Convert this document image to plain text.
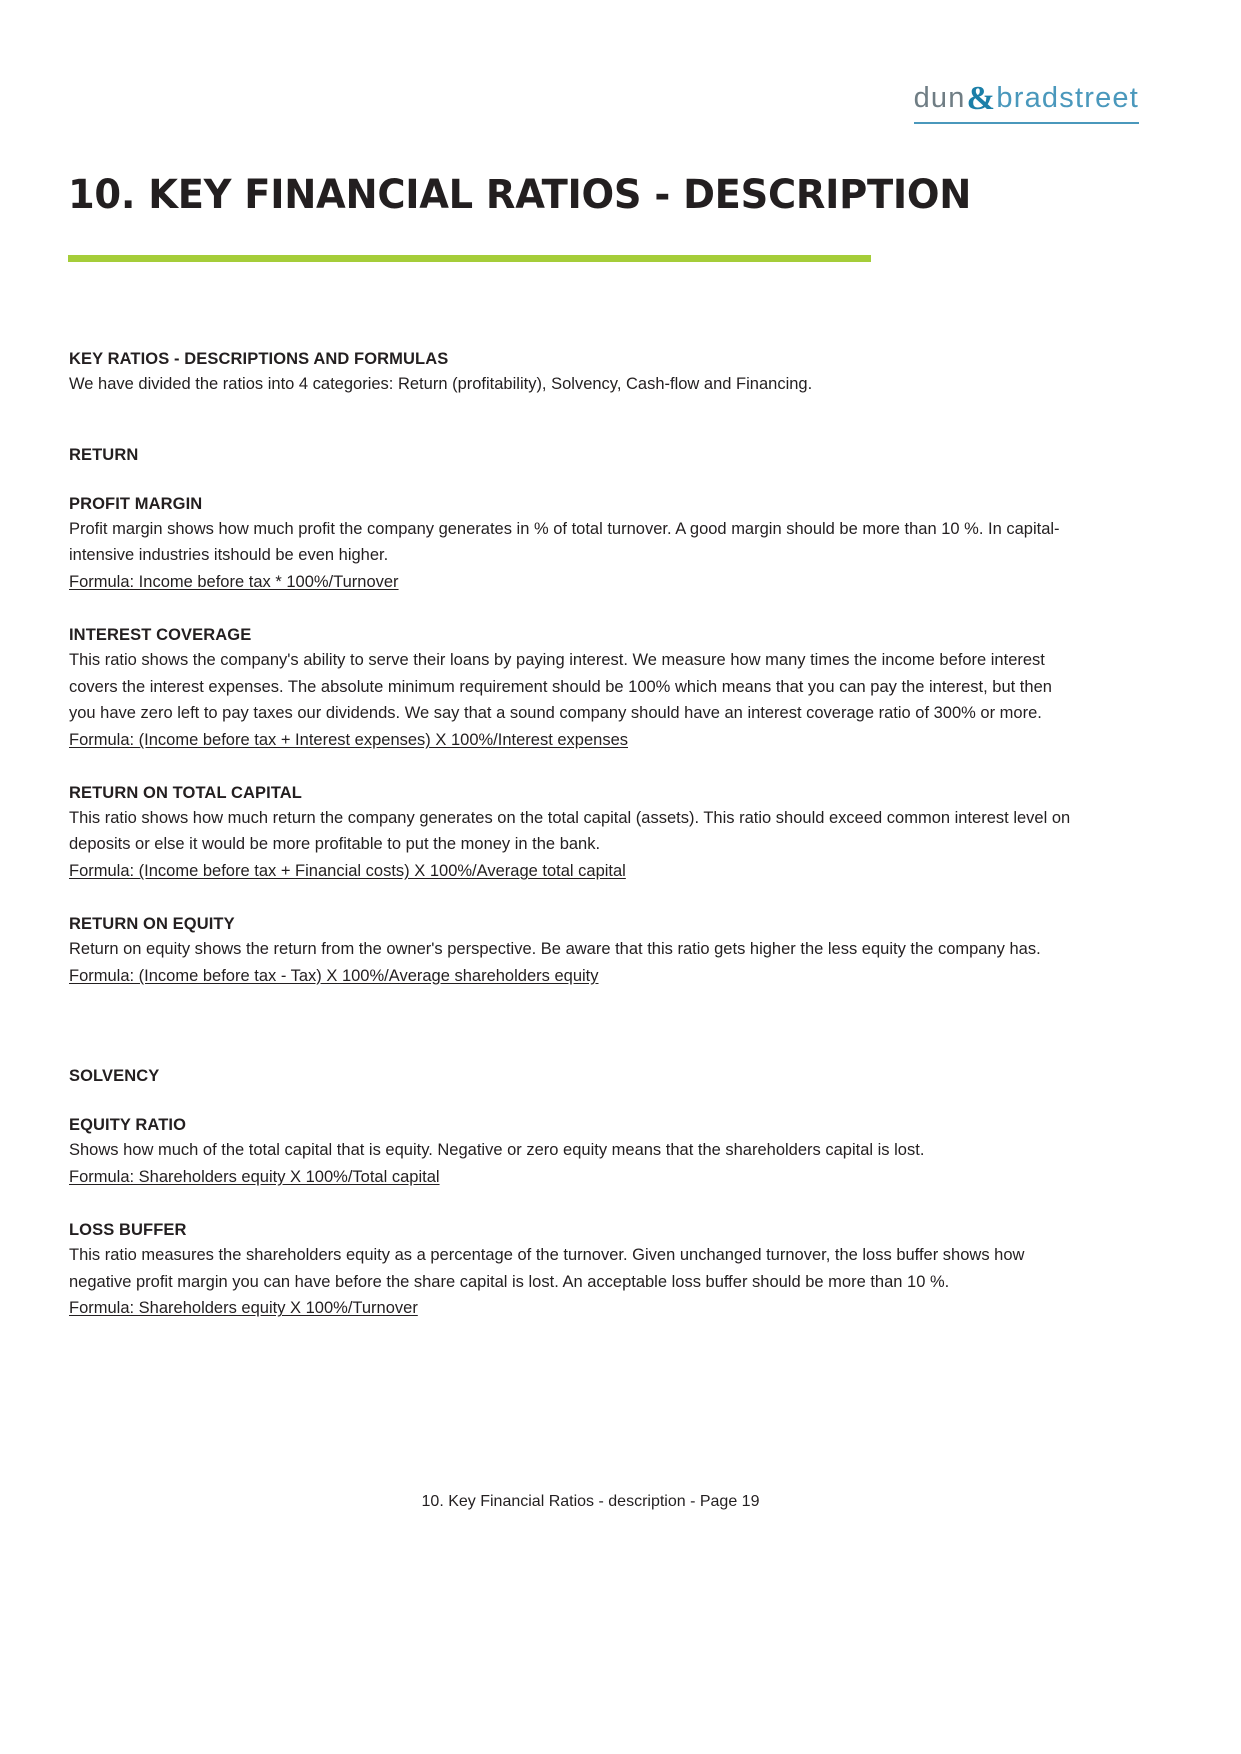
dun & bradstreet
10. KEY FINANCIAL RATIOS - DESCRIPTION
KEY RATIOS - DESCRIPTIONS AND FORMULAS

We have divided the ratios into 4 categories: Return (profitability), Solvency, Cash-flow and Financing.

RETURN
PROFIT MARGIN

Profit margin shows how much profit the company generates in % of total turnover. A good margin should be more than 10 %. In capital-intensive industries itshould be even higher.

Formula: Income before tax * 100%/Turnover

INTEREST COVERAGE

This ratio shows the company's ability to serve their loans by paying interest. We measure how many times the income before interest covers the interest expenses. The absolute minimum requirement should be 100% which means that you can pay the interest, but then you have zero left to pay taxes our dividends. We say that a sound company should have an interest coverage ratio of 300% or more.

Formula: (Income before tax + Interest expenses) X 100%/Interest expenses

RETURN ON TOTAL CAPITAL

This ratio shows how much return the company generates on the total capital (assets). This ratio should exceed common interest level on deposits or else it would be more profitable to put the money in the bank.

Formula: (Income before tax + Financial costs) X 100%/Average total capital

RETURN ON EQUITY

Return on equity shows the return from the owner's perspective. Be aware that this ratio gets higher the less equity the company has.

Formula: (Income before tax - Tax) X 100%/Average shareholders equity

SOLVENCY
EQUITY RATIO

Shows how much of the total capital that is equity. Negative or zero equity means that the shareholders capital is lost.

Formula: Shareholders equity X 100%/Total capital

LOSS BUFFER

This ratio measures the shareholders equity as a percentage of the turnover. Given unchanged turnover, the loss buffer shows how negative profit margin you can have before the share capital is lost. An acceptable loss buffer should be more than 10 %.

Formula: Shareholders equity X 100%/Turnover

10. Key Financial Ratios - description - Page 19
